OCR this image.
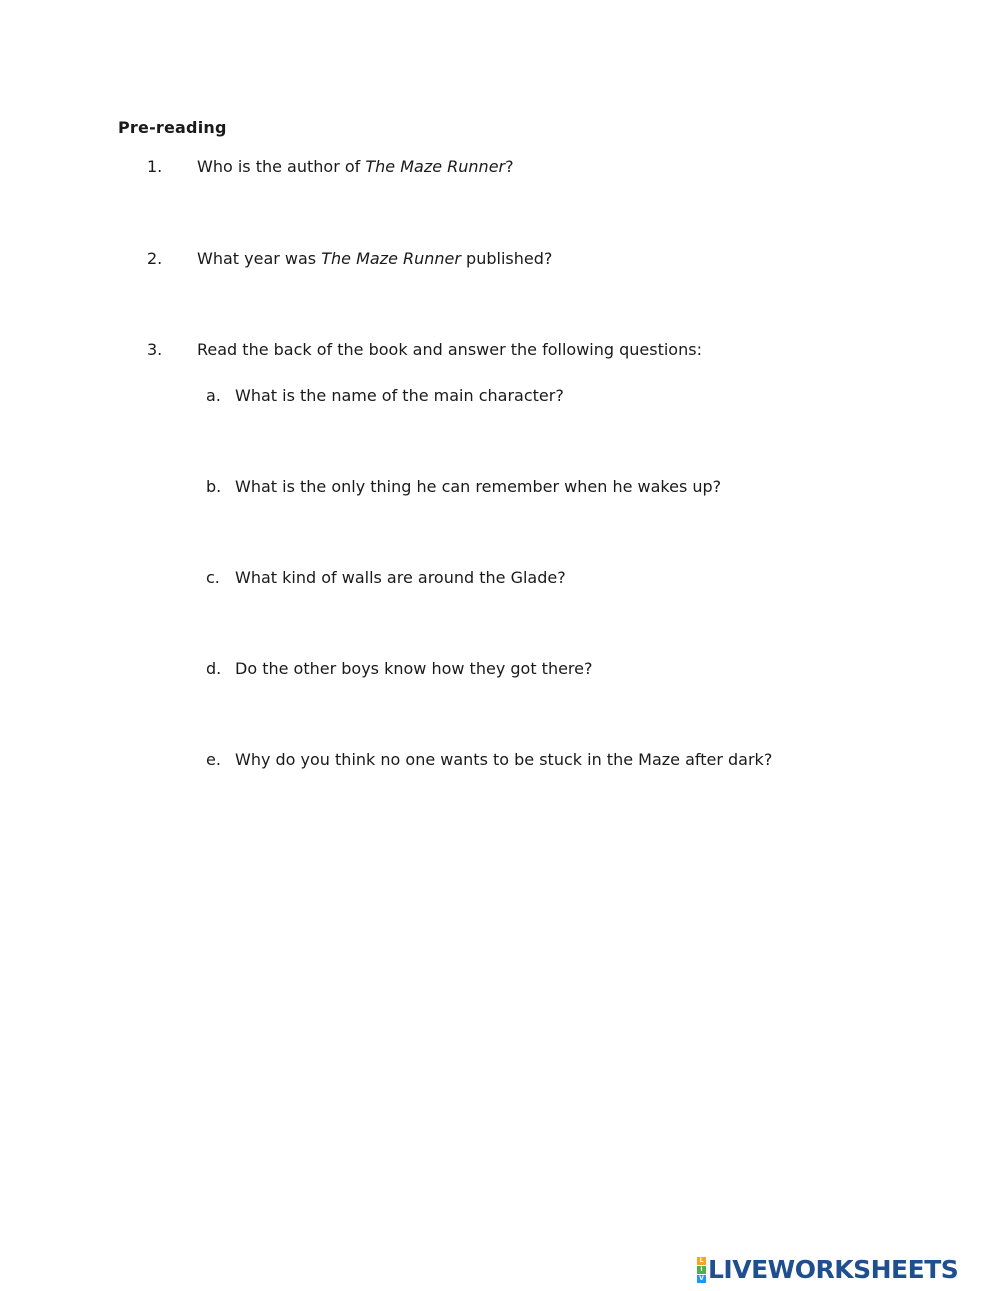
Pre-reading
1. Who is the author of The Maze Runner?
2. What year was The Maze Runner published?
3. Read the back of the book and answer the following questions:
a. What is the name of the main character?
b. What is the only thing he can remember when he wakes up?
c. What kind of walls are around the Glade?
d. Do the other boys know how they got there?
e. Why do you think no one wants to be stuck in the Maze after dark?
L
I
V LIVEWORKSHEETS
